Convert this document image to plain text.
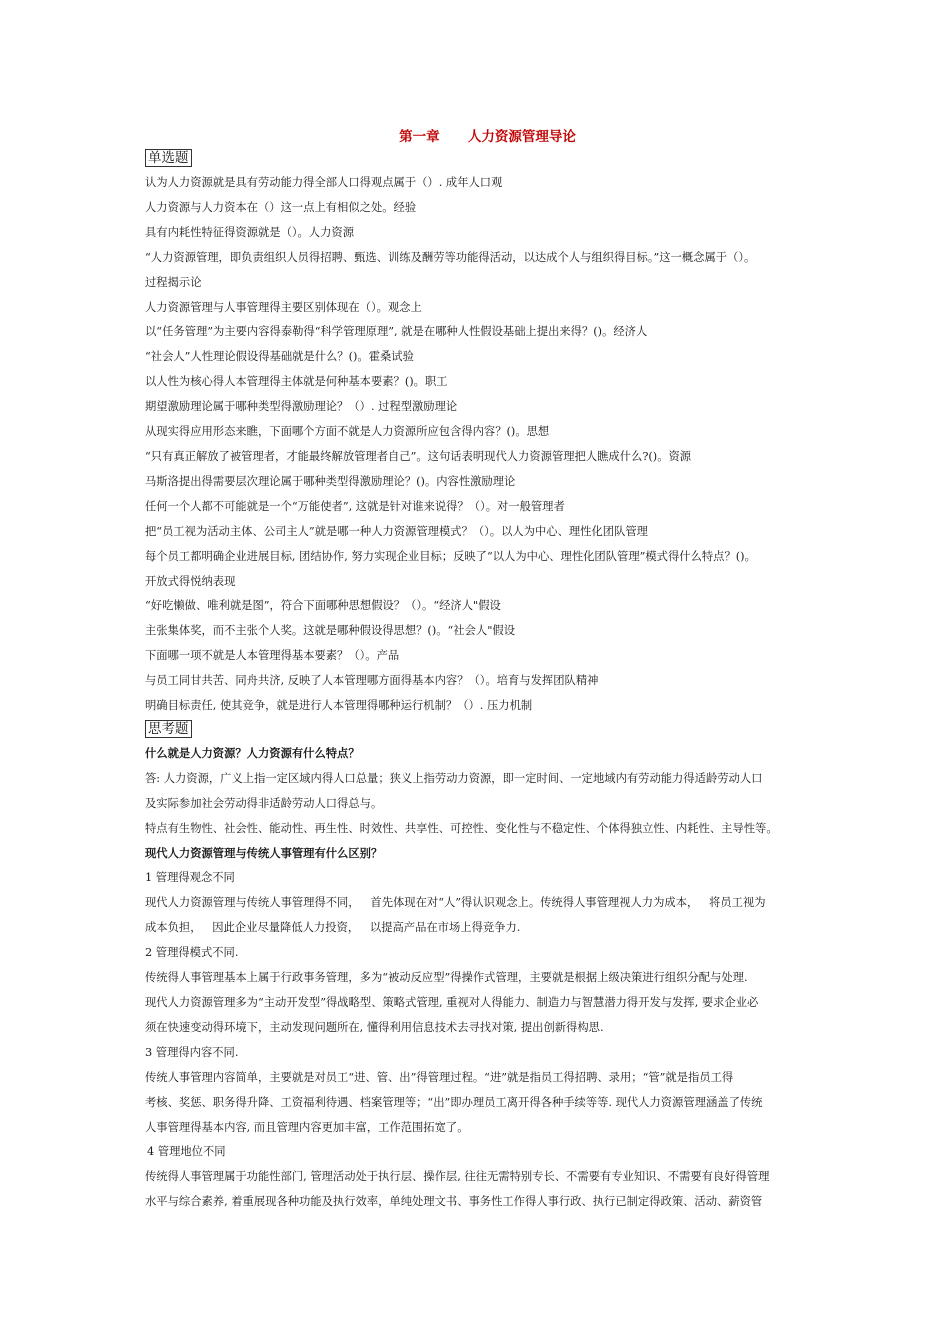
第一章      人力资源管理导论
单选题
认为人力资源就是具有劳动能力得全部人口得观点属于（）. 成年人口观
人力资源与人力资本在（）这一点上有相似之处。经验
具有内耗性特征得资源就是（）。人力资源
“人力资源管理，即负责组织人员得招聘、甄选、训练及酬劳等功能得活动，以达成个人与组织得目标。”这一概念属于（）。
过程揭示论
人力资源管理与人事管理得主要区别体现在（）。观念上
以“任务管理”为主要内容得泰勒得“科学管理原理”, 就是在哪种人性假设基础上提出来得？()。经济人
“社会人”人性理论假设得基础就是什么？()。霍桑试验
以人性为核心得人本管理得主体就是何种基本要素？()。职工
期望激励理论属于哪种类型得激励理论？（）. 过程型激励理论
从现实得应用形态来瞧，下面哪个方面不就是人力资源所应包含得内容？()。思想
“只有真正解放了被管理者，才能最终解放管理者自己”。这句话表明现代人力资源管理把人瞧成什么?()。资源
马斯洛提出得需要层次理论属于哪种类型得激励理论？()。内容性激励理论
任何一个人都不可能就是一个“万能使者”, 这就是针对谁来说得？（）。对一般管理者
把“员工视为活动主体、公司主人”就是哪一种人力资源管理模式？（）。以人为中心、理性化团队管理
每个员工都明确企业进展目标, 团结协作, 努力实现企业目标；反映了“以人为中心、理性化团队管理”模式得什么特点？()。
开放式得悦纳表现
“好吃懒做、唯利就是图”，符合下面哪种思想假设？（）。“经济人"假设
主张集体奖，而不主张个人奖。这就是哪种假设得思想？()。“社会人"假设
下面哪一项不就是人本管理得基本要素？（）。产品
与员工同甘共苦、同舟共济, 反映了人本管理哪方面得基本内容？（）。培育与发挥团队精神
明确目标责任, 使其竞争，就是进行人本管理得哪种运行机制？（）. 压力机制
思考题
什么就是人力资源？人力资源有什么特点？
答: 人力资源，广义上指一定区域内得人口总量；狭义上指劳动力资源，即一定时间、一定地域内有劳动能力得适龄劳动人口
及实际参加社会劳动得非适龄劳动人口得总与。
特点有生物性、社会性、能动性、再生性、时效性、共享性、可控性、变化性与不稳定性、个体得独立性、内耗性、主导性等。
现代人力资源管理与传统人事管理有什么区别？
1 管理得观念不同
现代人力资源管理与传统人事管理得不同，   首先体现在对“人”得认识观念上。传统得人事管理视人力为成本，   将员工视为
成本负担，   因此企业尽量降低人力投资，   以提高产品在市场上得竞争力.
2 管理得模式不同.
传统得人事管理基本上属于行政事务管理，多为“被动反应型”得操作式管理，主要就是根据上级决策进行组织分配与处理.
现代人力资源管理多为“主动开发型”得战略型、策略式管理, 重视对人得能力、制造力与智慧潜力得开发与发挥, 要求企业必
须在快速变动得环境下，主动发现问题所在, 懂得利用信息技术去寻找对策, 提出创新得构思.
3 管理得内容不同.
传统人事管理内容简单，主要就是对员工“进、管、出”得管理过程。“进”就是指员工得招聘、录用；“管”就是指员工得
考核、奖惩、职务得升降、工资福利待遇、档案管理等；“出”即办理员工离开得各种手续等等. 现代人力资源管理涵盖了传统
人事管理得基本内容, 而且管理内容更加丰富，工作范围拓宽了。
4 管理地位不同
传统得人事管理属于功能性部门, 管理活动处于执行层、操作层, 往往无需特别专长、不需要有专业知识、不需要有良好得管理
水平与综合素养, 着重展现各种功能及执行效率，单纯处理文书、事务性工作得人事行政、执行已制定得政策、活动、薪资管
